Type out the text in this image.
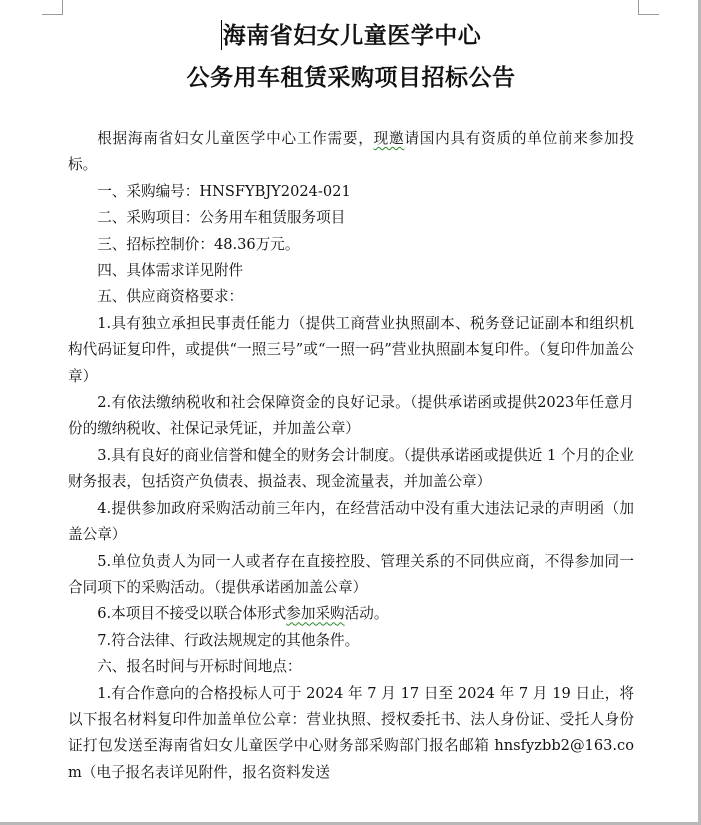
海南省妇女儿童医学中心
公务用车租赁采购项目招标公告

根据海南省妇女儿童医学中心工作需要，现邀请国内具有资质的单位前来参加投标。

一、采购编号：HNSFYBJY2024-021

二、采购项目：公务用车租赁服务项目

三、招标控制价：48.36万元。

四、具体需求详见附件

五、供应商资格要求：

1.具有独立承担民事责任能力（提供工商营业执照副本、税务登记证副本和组织机构代码证复印件，或提供“一照三号”或“一照一码”营业执照副本复印件。（复印件加盖公章）

2.有依法缴纳税收和社会保障资金的良好记录。（提供承诺函或提供2023年任意月份的缴纳税收、社保记录凭证，并加盖公章）

3.具有良好的商业信誉和健全的财务会计制度。（提供承诺函或提供近 1 个月的企业财务报表，包括资产负债表、损益表、现金流量表，并加盖公章）

4.提供参加政府采购活动前三年内，在经营活动中没有重大违法记录的声明函（加盖公章）

5.单位负责人为同一人或者存在直接控股、管理关系的不同供应商，不得参加同一合同项下的采购活动。（提供承诺函加盖公章）

6.本项目不接受以联合体形式参加采购活动。

7.符合法律、行政法规规定的其他条件。

六、报名时间与开标时间地点：

1.有合作意向的合格投标人可于 2024 年 7 月 17 日至 2024 年 7 月 19 日止，将以下报名材料复印件加盖单位公章：营业执照、授权委托书、法人身份证、受托人身份证打包发送至海南省妇女儿童医学中心财务部采购部门报名邮箱 hnsfyzbb2@163.com（电子报名表详见附件，报名资料发送
